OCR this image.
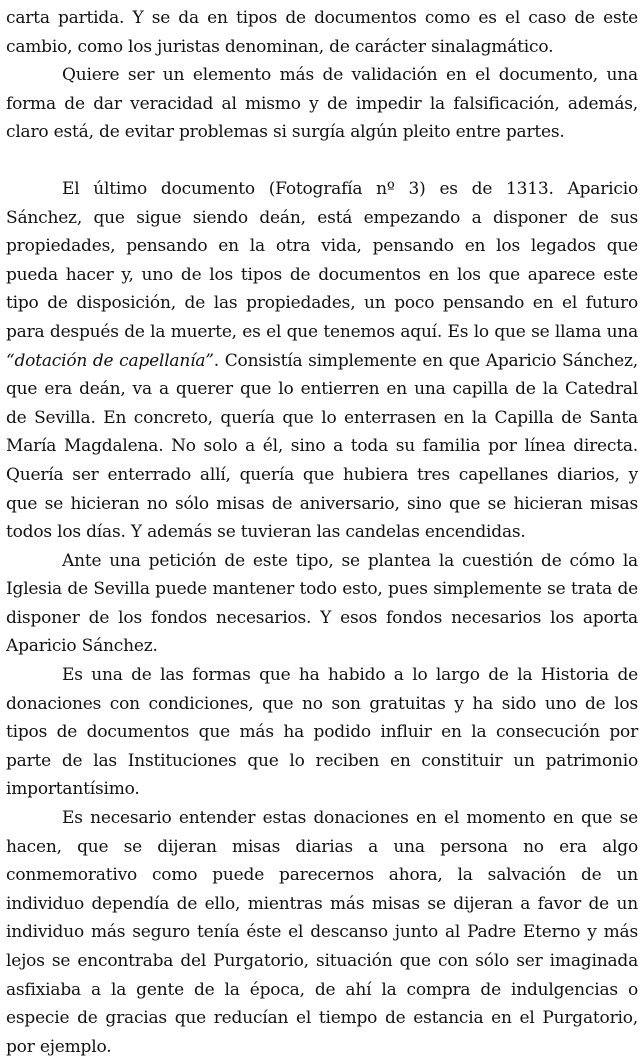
carta partida. Y se da en tipos de documentos como es el caso de este cambio, como los juristas denominan, de carácter sinalagmático.

Quiere ser un elemento más de validación en el documento, una forma de dar veracidad al mismo y de impedir la falsificación, además, claro está, de evitar problemas si surgía algún pleito entre partes.

El último documento (Fotografía nº 3) es de 1313. Aparicio Sánchez, que sigue siendo deán, está empezando a disponer de sus propiedades, pensando en la otra vida, pensando en los legados que pueda hacer y, uno de los tipos de documentos en los que aparece este tipo de disposición, de las propiedades, un poco pensando en el futuro para después de la muerte, es el que tenemos aquí. Es lo que se llama una “dotación de capellanía”. Consistía simplemente en que Aparicio Sánchez, que era deán, va a querer que lo entierren en una capilla de la Catedral de Sevilla. En concreto, quería que lo enterrasen en la Capilla de Santa María Magdalena. No solo a él, sino a toda su familia por línea directa. Quería ser enterrado allí, quería que hubiera tres capellanes diarios, y que se hicieran no sólo misas de aniversario, sino que se hicieran misas todos los días. Y además se tuvieran las candelas encendidas.

Ante una petición de este tipo, se plantea la cuestión de cómo la Iglesia de Sevilla puede mantener todo esto, pues simplemente se trata de disponer de los fondos necesarios. Y esos fondos necesarios los aporta Aparicio Sánchez.

Es una de las formas que ha habido a lo largo de la Historia de donaciones con condiciones, que no son gratuitas y ha sido uno de los tipos de documentos que más ha podido influir en la consecución por parte de las Instituciones que lo reciben en constituir un patrimonio importantísimo.

Es necesario entender estas donaciones en el momento en que se hacen, que se dijeran misas diarias a una persona no era algo conmemorativo como puede parecernos ahora, la salvación de un individuo dependía de ello, mientras más misas se dijeran a favor de un individuo más seguro tenía éste el descanso junto al Padre Eterno y más lejos se encontraba del Purgatorio, situación que con sólo ser imaginada asfixiaba a la gente de la época, de ahí la compra de indulgencias o especie de gracias que reducían el tiempo de estancia en el Purgatorio, por ejemplo.
